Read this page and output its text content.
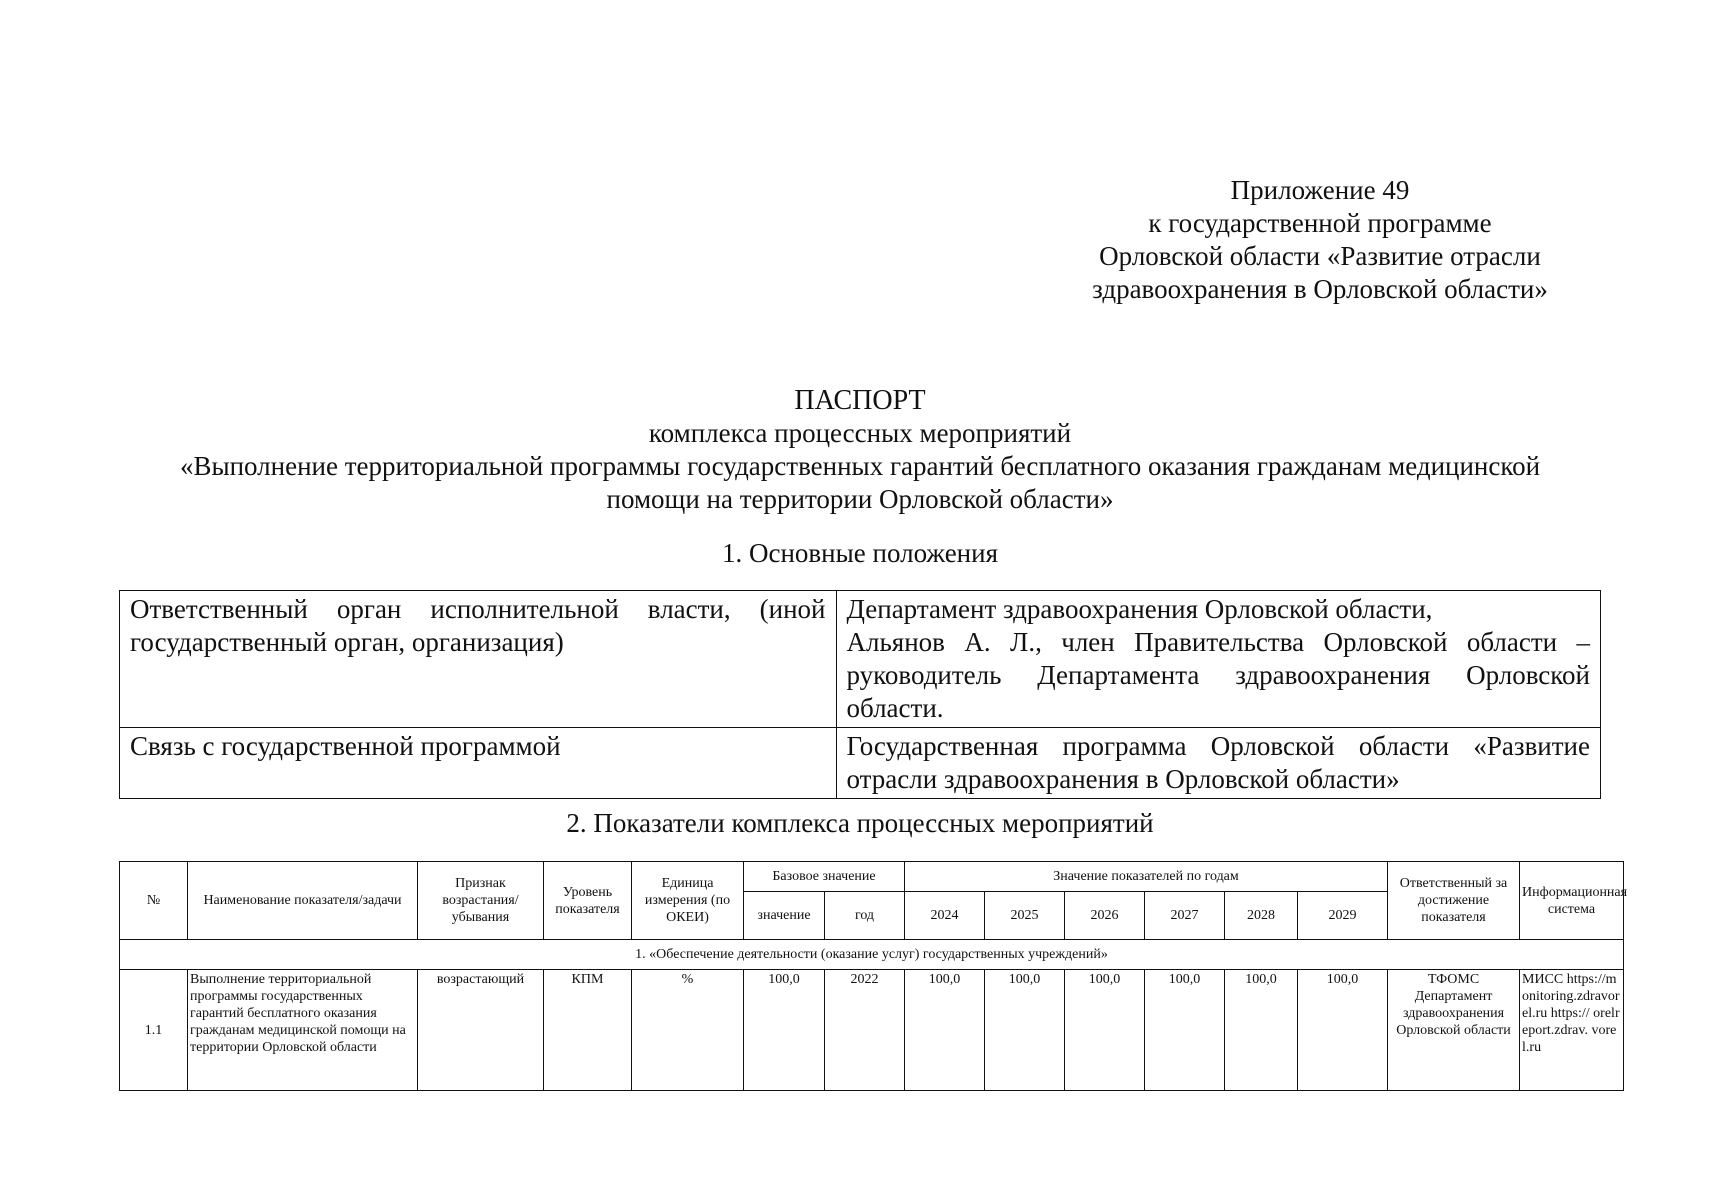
Приложение 49
к государственной программе
Орловской области «Развитие отрасли
здравоохранения в Орловской области»
ПАСПОРТ
комплекса процессных мероприятий
«Выполнение территориальной программы государственных гарантий бесплатного оказания гражданам медицинской
помощи на территории Орловской области»
1. Основные положения
Ответственный орган исполнительной власти, (иной государственный орган, организация)	Департамент здравоохранения Орловской области,
Альянов А. Л., член Правительства Орловской области – руководитель Департамента здравоохранения Орловской области.

Связь с государственной программой	Государственная программа Орловской области «Развитие отрасли здравоохранения в Орловской области»
2. Показатели комплекса процессных мероприятий
№	Наименование показателя/задачи	Признак возрастания/ убывания	Уровень показателя	Единица измерения (по ОКЕИ)	Базовое значение		Значение показателей по годам						Ответственный за достижение показателя	Информационная система
					значение	год	2024	2025	2026	2027	2028	2029		
1. «Обеспечение деятельности (оказание услуг) государственных учреждений»														
1.1	Выполнение территориальной программы государственных гарантий бесплатного оказания гражданам медицинской помощи на территории Орловской области	возрастающий	КПМ	%	100,0	2022	100,0	100,0	100,0	100,0	100,0	100,0	ТФОМС Департамент здравоохранения Орловской области	МИСС https://monitoring.zdravorel.ru https:// orelreport.zdrav. vorel.ru
